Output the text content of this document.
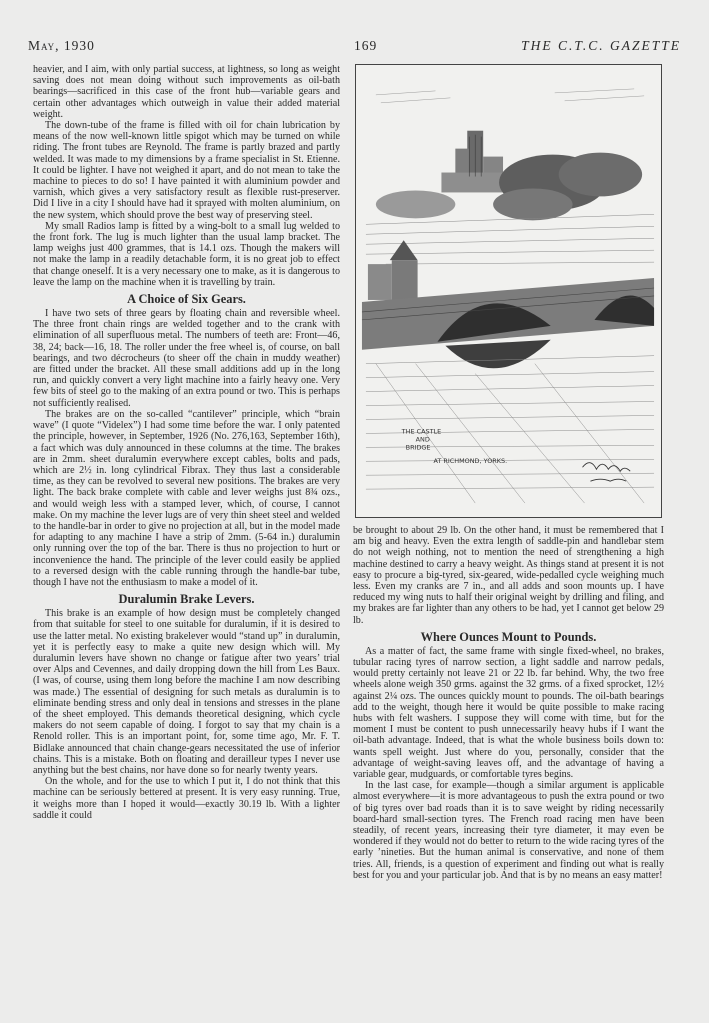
May, 1930	169	THE C.T.C. GAZETTE

heavier, and I aim, with only partial success, at lightness, so long as weight saving does not mean doing without such improvements as oil-bath bearings—sacrificed in this case of the front hub—variable gears and certain other advantages which outweigh in value their added material weight.

The down-tube of the frame is filled with oil for chain lubrication by means of the now well-known little spigot which may be turned on while riding. The front tubes are Reynold. The frame is partly brazed and partly welded. It was made to my dimensions by a frame specialist in St. Etienne. It could be lighter. I have not weighed it apart, and do not mean to take the machine to pieces to do so! I have painted it with aluminium powder and varnish, which gives a very satisfactory result as flexible rust-preserver. Did I live in a city I should have had it sprayed with molten aluminium, on the new system, which should prove the best way of preserving steel.

My small Radios lamp is fitted by a wing-bolt to a small lug welded to the front fork. The lug is much lighter than the usual lamp bracket. The lamp weighs just 400 grammes, that is 14.1 ozs. Though the makers will not make the lamp in a readily detachable form, it is no great job to effect that change oneself. It is a very necessary one to make, as it is dangerous to leave the lamp on the machine when it is travelling by train.

A Choice of Six Gears.

I have two sets of three gears by floating chain and reversible wheel. The three front chain rings are welded together and to the crank with elimination of all superfluous metal. The numbers of teeth are: Front—46, 38, 24; back—16, 18. The roller under the free wheel is, of course, on ball bearings, and two décrocheurs (to sheer off the chain in muddy weather) are fitted under the bracket. All these small additions add up in the long run, and quickly convert a very light machine into a fairly heavy one. Very few bits of steel go to the making of an extra pound or two. This is perhaps not sufficiently realised.

The brakes are on the so-called “cantilever” principle, which “brain wave” (I quote “Videlex”) I had some time before the war. I only patented the principle, however, in September, 1926 (No. 276,163, September 16th), a fact which was duly announced in these columns at the time. The brakes are in 2mm. sheet duralumin everywhere except cables, bolts and pads, which are 2½ in. long cylindrical Fibrax. They thus last a considerable time, as they can be revolved to several new positions. The brakes are very light. The back brake complete with cable and lever weighs just 8¾ ozs., and would weigh less with a stamped lever, which, of course, I cannot make. On my machine the lever lugs are of very thin sheet steel and welded to the handle-bar in order to give no projection at all, but in the model made for adapting to any machine I have a strip of 2mm. (5-64 in.) duralumin only running over the top of the bar. There is thus no projection to hurt or inconvenience the hand. The principle of the lever could easily be applied to a reversed design with the cable running through the handle-bar tube, though I have not the enthusiasm to make a model of it.

Duralumin Brake Levers.

This brake is an example of how design must be completely changed from that suitable for steel to one suitable for duralumin, if it is desired to use the latter metal. No existing brakelever would “stand up” in duralumin, yet it is perfectly easy to make a quite new design which will. My duralumin levers have shown no change or fatigue after two years’ trial over Alps and Cevennes, and daily dropping down the hill from Les Baux. (I was, of course, using them long before the machine I am now describing was made.) The essential of designing for such metals as duralumin is to eliminate bending stress and only deal in tensions and stresses in the plane of the sheet employed. This demands theoretical designing, which cycle makers do not seem capable of doing. I forgot to say that my chain is a Renold roller. This is an important point, for, some time ago, Mr. F. T. Bidlake announced that chain change-gears necessitated the use of inferior chains. This is a mistake. Both on floating and derailleur types I never use anything but the best chains, nor have done so for nearly twenty years.

On the whole, and for the use to which I put it, I do not think that this machine can be seriously bettered at present. It is very easy running. True, it weighs more than I hoped it would—exactly 30.19 lb. With a lighter saddle it could

THE CASTLE
AND
BRIDGE
AT RICHMOND, YORKS.

be brought to about 29 lb. On the other hand, it must be remembered that I am big and heavy. Even the extra length of saddle-pin and handlebar stem do not weigh nothing, not to mention the need of strengthening a high machine destined to carry a heavy weight. As things stand at present it is not easy to procure a big-tyred, six-geared, wide-pedalled cycle weighing much less. Even my cranks are 7 in., and all adds and soon mounts up. I have reduced my wing nuts to half their original weight by drilling and filing, and my brakes are far lighter than any others to be had, yet I cannot get below 29 lb.

Where Ounces Mount to Pounds.

As a matter of fact, the same frame with single fixed-wheel, no brakes, tubular racing tyres of narrow section, a light saddle and narrow pedals, would pretty certainly not leave 21 or 22 lb. far behind. Why, the two free wheels alone weigh 350 grms. against the 32 grms. of a fixed sprocket, 12½ against 2¼ ozs. The ounces quickly mount to pounds. The oil-bath bearings add to the weight, though here it would be quite possible to make racing hubs with felt washers. I suppose they will come with time, but for the moment I must be content to push unnecessarily heavy hubs if I want the oil-bath advantage. Indeed, that is what the whole business boils down to: wants spell weight. Just where do you, personally, consider that the advantage of weight-saving leaves off, and the advantage of having a variable gear, mudguards, or comfortable tyres begins.

In the last case, for example—though a similar argument is applicable almost everywhere—it is more advantageous to push the extra pound or two of big tyres over bad roads than it is to save weight by riding necessarily board-hard small-section tyres. The French road racing men have been steadily, of recent years, increasing their tyre diameter, it may even be wondered if they would not do better to return to the wide racing tyres of the early ’nineties. But the human animal is conservative, and none of them tries. All, friends, is a question of experiment and finding out what is really best for you and your particular job. And that is by no means an easy matter!
